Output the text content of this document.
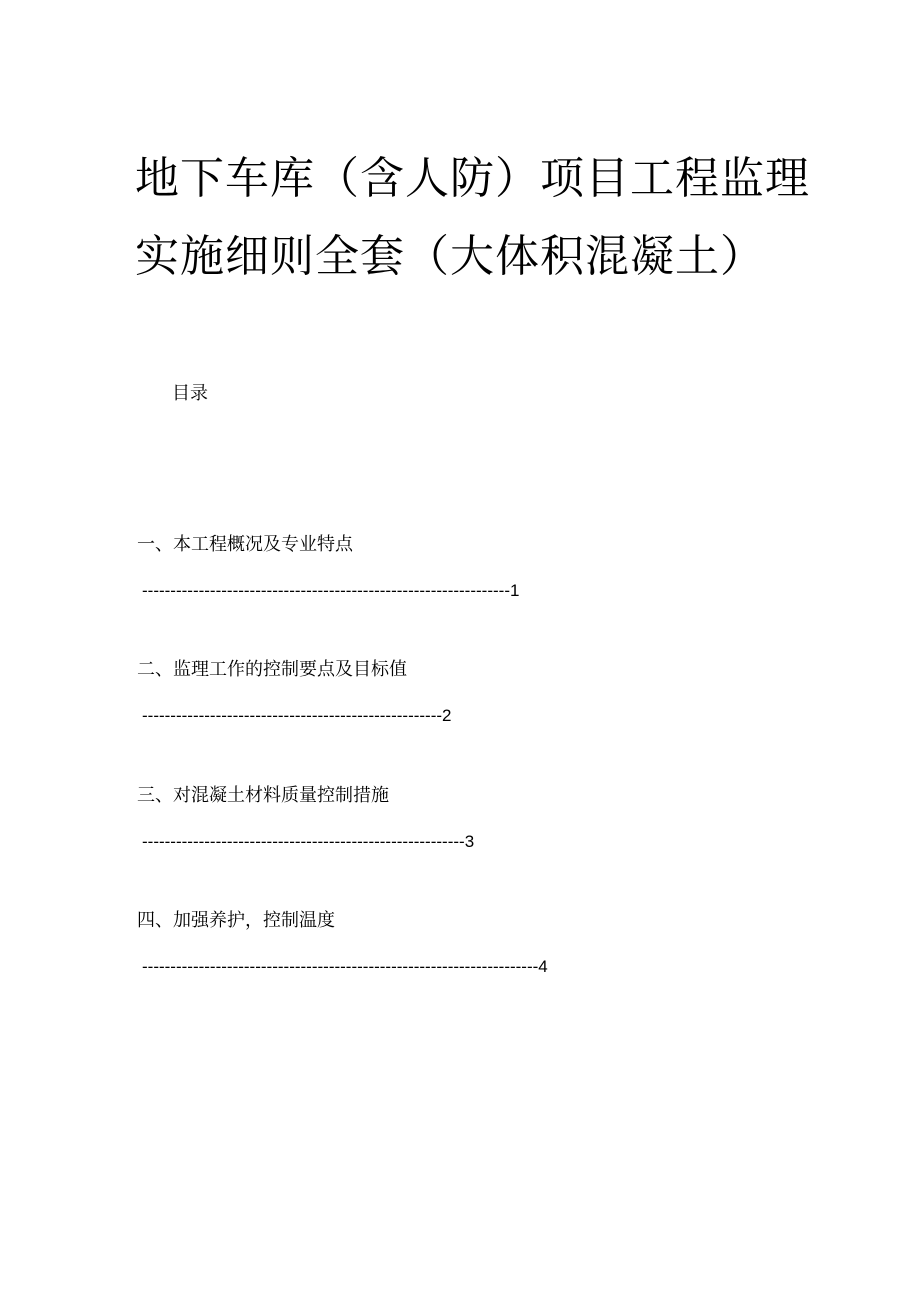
地下车库（含人防）项目工程监理
实施细则全套（大体积混凝土）
目录
一、本工程概况及专业特点
-----------------------------------------------------------------1
二、监理工作的控制要点及目标值
-----------------------------------------------------2
三、对混凝土材料质量控制措施
---------------------------------------------------------3
四、加强养护，控制温度
----------------------------------------------------------------------4
